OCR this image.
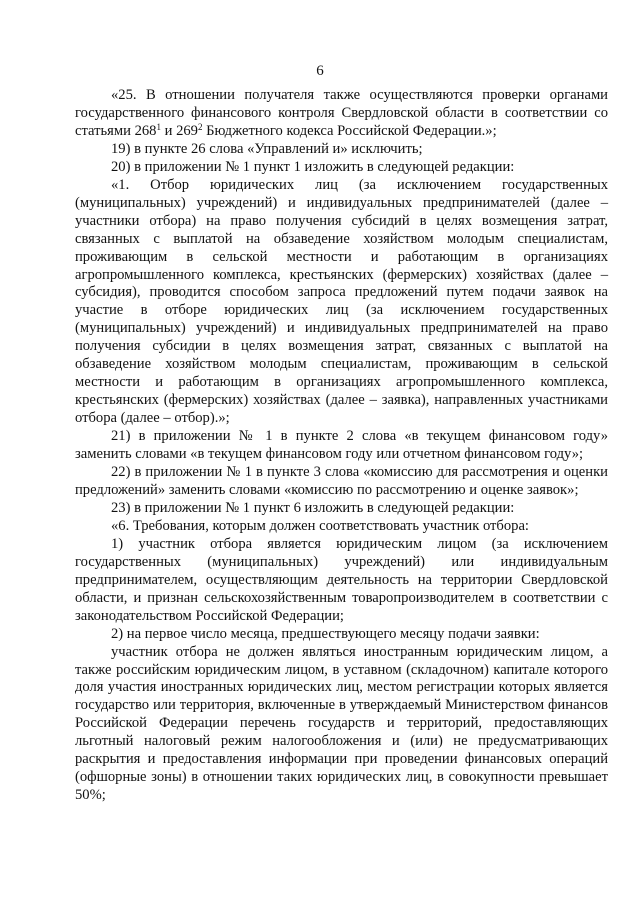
6

«25. В отношении получателя также осуществляются проверки органами государственного финансового контроля Свердловской области в соответствии со статьями $268^1$ и $269^2$ Бюджетного кодекса Российской Федерации.»;

19) в пункте 26 слова «Управлений и» исключить;

20) в приложении № 1 пункт 1 изложить в следующей редакции:

«1. Отбор юридических лиц (за исключением государственных (муниципальных) учреждений) и индивидуальных предпринимателей (далее – участники отбора) на право получения субсидий в целях возмещения затрат, связанных с выплатой на обзаведение хозяйством молодым специалистам, проживающим в сельской местности и работающим в организациях агропромышленного комплекса, крестьянских (фермерских) хозяйствах (далее – субсидия), проводится способом запроса предложений путем подачи заявок на участие в отборе юридических лиц (за исключением государственных (муниципальных) учреждений) и индивидуальных предпринимателей на право получения субсидии в целях возмещения затрат, связанных с выплатой на обзаведение хозяйством молодым специалистам, проживающим в сельской местности и работающим в организациях агропромышленного комплекса, крестьянских (фермерских) хозяйствах (далее – заявка), направленных участниками отбора (далее – отбор).»;

21) в приложении № 1 в пункте 2 слова «в текущем финансовом году» заменить словами «в текущем финансовом году или отчетном финансовом году»;

22) в приложении № 1 в пункте 3 слова «комиссию для рассмотрения и оценки предложений» заменить словами «комиссию по рассмотрению и оценке заявок»;

23) в приложении № 1 пункт 6 изложить в следующей редакции:

«6. Требования, которым должен соответствовать участник отбора:

1) участник отбора является юридическим лицом (за исключением государственных (муниципальных) учреждений) или индивидуальным предпринимателем, осуществляющим деятельность на территории Свердловской области, и признан сельскохозяйственным товаропроизводителем в соответствии с законодательством Российской Федерации;

2) на первое число месяца, предшествующего месяцу подачи заявки:

участник отбора не должен являться иностранным юридическим лицом, а также российским юридическим лицом, в уставном (складочном) капитале которого доля участия иностранных юридических лиц, местом регистрации которых является государство или территория, включенные в утверждаемый Министерством финансов Российской Федерации перечень государств и территорий, предоставляющих льготный налоговый режим налогообложения и (или) не предусматривающих раскрытия и предоставления информации при проведении финансовых операций (офшорные зоны) в отношении таких юридических лиц, в совокупности превышает 50%;
